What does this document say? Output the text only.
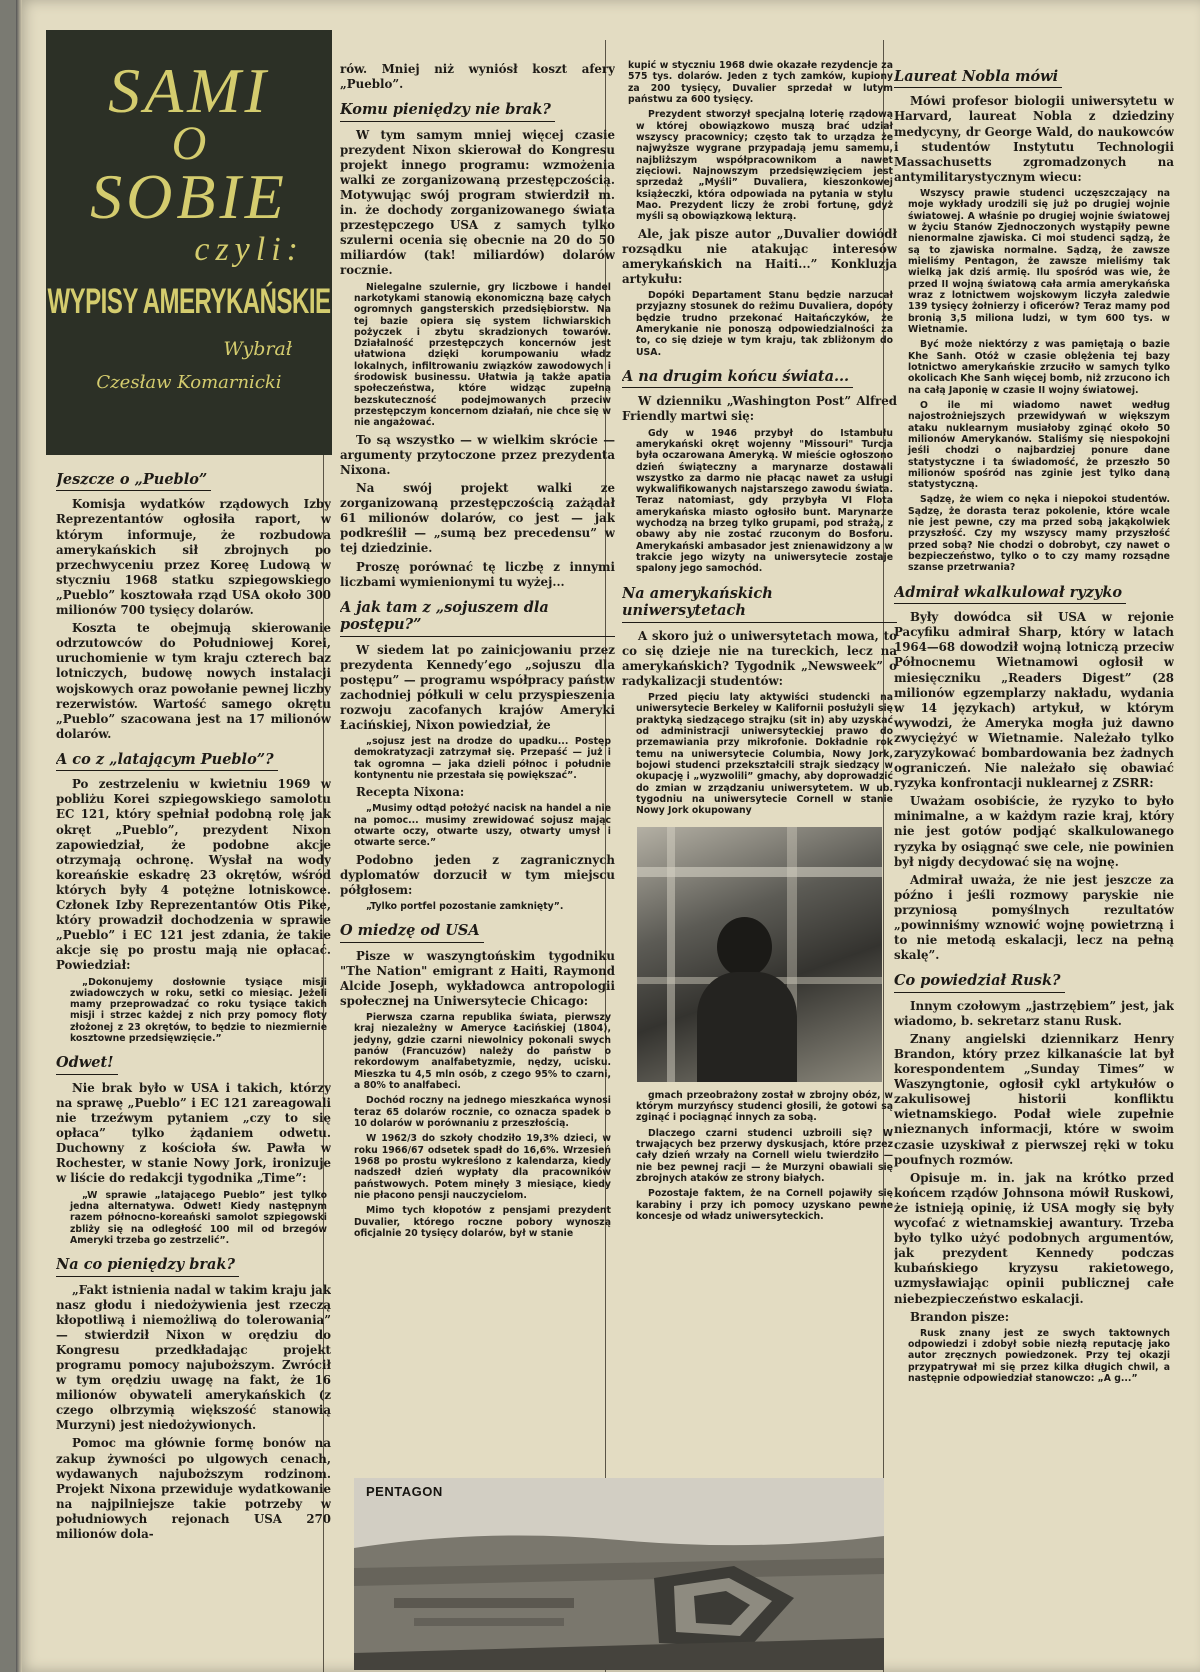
SAMI
O
SOBIE
czyli:
WYPISY AMERYKAŃSKIE
Wybrał
Czesław Komarnicki
Jeszcze o „Pueblo”

Komisja wydatków rządowych Izby Reprezentantów ogłosiła raport, w którym informuje, że rozbudowa amerykańskich sił zbrojnych po przechwyceniu przez Koreę Ludową w styczniu 1968 statku szpiegowskiego „Pueblo” kosztowała rząd USA około 300 milionów 700 tysięcy dolarów.

Koszta te obejmują skierowanie odrzutowców do Południowej Korei, uruchomienie w tym kraju czterech baz lotniczych, budowę nowych instalacji wojskowych oraz powołanie pewnej liczby rezerwistów. Wartość samego okrętu „Pueblo” szacowana jest na 17 milionów dolarów.

A co z „latającym Pueblo”?

Po zestrzeleniu w kwietniu 1969 w pobliżu Korei szpiegowskiego samolotu EC 121, który spełniał podobną rolę jak okręt „Pueblo”, prezydent Nixon zapowiedział, że podobne akcje otrzymają ochronę. Wysłał na wody koreańskie eskadrę 23 okrętów, wśród których były 4 potężne lotniskowce. Członek Izby Reprezentantów Otis Pike, który prowadził dochodzenia w sprawie „Pueblo” i EC 121 jest zdania, że takie akcje się po prostu mają nie opłacać. Powiedział:

„Dokonujemy dosłownie tysiące misji zwiadowczych w roku, setki co miesiąc. Jeżeli mamy przeprowadzać co roku tysiące takich misji i strzec każdej z nich przy pomocy floty złożonej z 23 okrętów, to będzie to niezmiernie kosztowne przedsięwzięcie.”

Odwet!

Nie brak było w USA i takich, którzy na sprawę „Pueblo” i EC 121 zareagowali nie trzeźwym pytaniem „czy to się opłaca” tylko żądaniem odwetu. Duchowny z kościoła św. Pawła w Rochester, w stanie Nowy Jork, ironizuje w liście do redakcji tygodnika „Time”:

„W sprawie „latającego Pueblo” jest tylko jedna alternatywa. Odwet! Kiedy następnym razem północno-koreański samolot szpiegowski zbliży się na odległość 100 mil od brzegów Ameryki trzeba go zestrzelić”.

Na co pieniędzy brak?

„Fakt istnienia nadal w takim kraju jak nasz głodu i niedożywienia jest rzeczą kłopotliwą i niemożliwą do tolerowania” — stwierdził Nixon w orędziu do Kongresu przedkładając projekt programu pomocy najuboższym. Zwrócił w tym orędziu uwagę na fakt, że 16 milionów obywateli amerykańskich (z czego olbrzymią większość stanowią Murzyni) jest niedożywionych.

Pomoc ma głównie formę bonów na zakup żywności po ulgowych cenach, wydawanych najuboższym rodzinom. Projekt Nixona przewiduje wydatkowanie na najpilniejsze takie potrzeby w południowych rejonach USA 270 milionów dola-

rów. Mniej niż wyniósł koszt afery „Pueblo”.

Komu pieniędzy nie brak?

W tym samym mniej więcej czasie prezydent Nixon skierował do Kongresu projekt innego programu: wzmożenia walki ze zorganizowaną przestępczością. Motywując swój program stwierdził m. in. że dochody zorganizowanego świata przestępczego USA z samych tylko szulerni ocenia się obecnie na 20 do 50 miliardów (tak! miliardów) dolarów rocznie.

Nielegalne szulernie, gry liczbowe i handel narkotykami stanowią ekonomiczną bazę całych ogromnych gangsterskich przedsiębiorstw. Na tej bazie opiera się system lichwiarskich pożyczek i zbytu skradzionych towarów. Działalność przestępczych koncernów jest ułatwiona dzięki korumpowaniu władz lokalnych, infiltrowaniu związków zawodowych i środowisk businessu. Ułatwia ją także apatia społeczeństwa, które widząc zupełną bezskuteczność podejmowanych przeciw przestępczym koncernom działań, nie chce się w nie angażować.

To są wszystko — w wielkim skrócie — argumenty przytoczone przez prezydenta Nixona.

Na swój projekt walki ze zorganizowaną przestępczością zażądał 61 milionów dolarów, co jest — jak podkreślił — „sumą bez precedensu” w tej dziedzinie.

Proszę porównać tę liczbę z innymi liczbami wymienionymi tu wyżej...

A jak tam z „sojuszem dla postępu?”

W siedem lat po zainicjowaniu przez prezydenta Kennedy’ego „sojuszu dla postępu” — programu współpracy państw zachodniej półkuli w celu przyspieszenia rozwoju zacofanych krajów Ameryki Łacińskiej, Nixon powiedział, że

„sojusz jest na drodze do upadku... Postęp demokratyzacji zatrzymał się. Przepaść — już i tak ogromna — jaka dzieli północ i południe kontynentu nie przestała się powiększać”.

Recepta Nixona:

„Musimy odtąd położyć nacisk na handel a nie na pomoc... musimy zrewidować sojusz mając otwarte oczy, otwarte uszy, otwarty umysł i otwarte serce.”

Podobno jeden z zagranicznych dyplomatów dorzucił w tym miejscu półgłosem:

„Tylko portfel pozostanie zamknięty”.

O miedzę od USA

Pisze w waszyngtońskim tygodniku "The Nation" emigrant z Haiti, Raymond Alcide Joseph, wykładowca antropologii społecznej na Uniwersytecie Chicago:

Pierwsza czarna republika świata, pierwszy kraj niezależny w Ameryce Łacińskiej (1804), jedyny, gdzie czarni niewolnicy pokonali swych panów (Francuzów) należy do państw o rekordowym analfabetyzmie, nędzy, ucisku. Mieszka tu 4,5 mln osób, z czego 95% to czarni, a 80% to analfabeci.

Dochód roczny na jednego mieszkańca wynosi teraz 65 dolarów rocznie, co oznacza spadek o 10 dolarów w porównaniu z przeszłością.

W 1962/3 do szkoły chodziło 19,3% dzieci, w roku 1966/67 odsetek spadł do 16,6%. Wrzesień 1968 po prostu wykreślono z kalendarza, kiedy nadszedł dzień wypłaty dla pracowników państwowych. Potem minęły 3 miesiące, kiedy nie płacono pensji nauczycielom.

Mimo tych kłopotów z pensjami prezydent Duvalier, którego roczne pobory wynoszą oficjalnie 20 tysięcy dolarów, był w stanie

kupić w styczniu 1968 dwie okazałe rezydencje za 575 tys. dolarów. Jeden z tych zamków, kupiony za 200 tysięcy, Duvalier sprzedał w lutym państwu za 600 tysięcy.

Prezydent stworzył specjalną loterię rządową w której obowiązkowo muszą brać udział wszyscy pracownicy; często tak to urządza że najwyższe wygrane przypadają jemu samemu, najbliższym współpracownikom a nawet zięciowi. Najnowszym przedsięwzięciem jest sprzedaż „Myśli” Duvaliera, kieszonkowej książeczki, która odpowiada na pytania w stylu Mao. Prezydent liczy że zrobi fortunę, gdyż myśli są obowiązkową lekturą.

Ale, jak pisze autor „Duvalier dowiódł rozsądku nie atakując interesów amerykańskich na Haiti...” Konkluzja artykułu:

Dopóki Departament Stanu będzie narzucał przyjazny stosunek do reżimu Duvaliera, dopóty będzie trudno przekonać Haitańczyków, że Amerykanie nie ponoszą odpowiedzialności za to, co się dzieje w tym kraju, tak zbliżonym do USA.

A na drugim końcu świata...

W dzienniku „Washington Post” Alfred Friendly martwi się:

Gdy w 1946 przybył do Istambułu amerykański okręt wojenny "Missouri" Turcja była oczarowana Ameryką. W mieście ogłoszono dzień świąteczny a marynarze dostawali wszystko za darmo nie płacąc nawet za usługi wykwalifikowanych najstarszego zawodu świata. Teraz natomiast, gdy przybyła VI Flota amerykańska miasto ogłosiło bunt. Marynarze wychodzą na brzeg tylko grupami, pod strażą, z obawy aby nie zostać rzuconym do Bosforu. Amerykański ambasador jest znienawidzony a w trakcie jego wizyty na uniwersytecie zostaje spalony jego samochód.

Na amerykańskich uniwersytetach

A skoro już o uniwersytetach mowa, to co się dzieje nie na tureckich, lecz na amerykańskich? Tygodnik „Newsweek” o radykalizacji studentów:

Przed pięciu laty aktywiści studencki na uniwersytecie Berkeley w Kalifornii posłużyli się praktyką siedzącego strajku (sit in) aby uzyskać od administracji uniwersyteckiej prawo do przemawiania przy mikrofonie. Dokładnie rok temu na uniwersytecie Columbia, Nowy Jork, bojowi studenci przekształcili strajk siedzący w okupację i „wyzwolili” gmachy, aby doprowadzić do zmian w zrządzaniu uniwersytetem. W ub. tygodniu na uniwersytecie Cornell w stanie Nowy Jork okupowany

gmach przeobrażony został w zbrojny obóz, w którym murzyńscy studenci głosili, że gotowi są zginąć i pociągnąć innych za sobą.

Dlaczego czarni studenci uzbroili się? W trwających bez przerwy dyskusjach, które przez cały dzień wrzały na Cornell wielu twierdziło — nie bez pewnej racji — że Murzyni obawiali się zbrojnych ataków ze strony białych.

Pozostaje faktem, że na Cornell pojawiły się karabiny i przy ich pomocy uzyskano pewne koncesje od władz uniwersyteckich.

Laureat Nobla mówi

Mówi profesor biologii uniwersytetu w Harvard, laureat Nobla z dziedziny medycyny, dr George Wald, do naukowców i studentów Instytutu Technologii Massachusetts zgromadzonych na antymilitarystycznym wiecu:

Wszyscy prawie studenci uczęszczający na moje wykłady urodzili się już po drugiej wojnie światowej. A właśnie po drugiej wojnie światowej w życiu Stanów Zjednoczonych wystąpiły pewne nienormalne zjawiska. Ci moi studenci sądzą, że są to zjawiska normalne. Sądzą, że zawsze mieliśmy Pentagon, że zawsze mieliśmy tak wielką jak dziś armię. Ilu spośród was wie, że przed II wojną światową cała armia amerykańska wraz z lotnictwem wojskowym liczyła zaledwie 139 tysięcy żołnierzy i oficerów? Teraz mamy pod bronią 3,5 miliona ludzi, w tym 600 tys. w Wietnamie.

Być może niektórzy z was pamiętają o bazie Khe Sanh. Otóż w czasie oblężenia tej bazy lotnictwo amerykańskie zrzuciło w samych tylko okolicach Khe Sanh więcej bomb, niż zrzucono ich na całą Japonię w czasie II wojny światowej.

O ile mi wiadomo nawet według najostrożniejszych przewidywań w większym ataku nuklearnym musiałoby zginąć około 50 milionów Amerykanów. Staliśmy się niespokojni jeśli chodzi o najbardziej ponure dane statystyczne i ta świadomość, że przeszło 50 milionów spośród nas zginie jest tylko daną statystyczną.

Sądzę, że wiem co nęka i niepokoi studentów. Sądzę, że dorasta teraz pokolenie, które wcale nie jest pewne, czy ma przed sobą jakąkolwiek przyszłość. Czy my wszyscy mamy przyszłość przed sobą? Nie chodzi o dobrobyt, czy nawet o bezpieczeństwo, tylko o to czy mamy rozsądne szanse przetrwania?

Admirał wkalkulował ryzyko

Były dowódca sił USA w rejonie Pacyfiku admirał Sharp, który w latach 1964—68 dowodził wojną lotniczą przeciw Północnemu Wietnamowi ogłosił w miesięczniku „Readers Digest” (28 milionów egzemplarzy nakładu, wydania w 14 językach) artykuł, w którym wywodzi, że Ameryka mogła już dawno zwyciężyć w Wietnamie. Należało tylko zaryzykować bombardowania bez żadnych ograniczeń. Nie należało się obawiać ryzyka konfrontacji nuklearnej z ZSRR:

Uważam osobiście, że ryzyko to było minimalne, a w każdym razie kraj, który nie jest gotów podjąć skalkulowanego ryzyka by osiągnąć swe cele, nie powinien był nigdy decydować się na wojnę.

Admirał uważa, że nie jest jeszcze za późno i jeśli rozmowy paryskie nie przyniosą pomyślnych rezultatów „powinniśmy wznowić wojnę powietrzną i to nie metodą eskalacji, lecz na pełną skalę”.

Co powiedział Rusk?

Innym czołowym „jastrzębiem” jest, jak wiadomo, b. sekretarz stanu Rusk.

Znany angielski dziennikarz Henry Brandon, który przez kilkanaście lat był korespondentem „Sunday Times” w Waszyngtonie, ogłosił cykl artykułów o zakulisowej historii konfliktu wietnamskiego. Podał wiele zupełnie nieznanych informacji, które w swoim czasie uzyskiwał z pierwszej ręki w toku poufnych rozmów.

Opisuje m. in. jak na krótko przed końcem rządów Johnsona mówił Ruskowi, że istnieją opinię, iż USA mogły się były wycofać z wietnamskiej awantury. Trzeba było tylko użyć podobnych argumentów, jak prezydent Kennedy podczas kubańskiego kryzysu rakietowego, uzmysławiając opinii publicznej całe niebezpieczeństwo eskalacji.

Brandon pisze:

Rusk znany jest ze swych taktownych odpowiedzi i zdobył sobie niezłą reputację jako autor zręcznych powiedzonek. Przy tej okazji przypatrywał mi się przez kilka długich chwil, a następnie odpowiedział stanowczo: „A g...”

PENTAGON
